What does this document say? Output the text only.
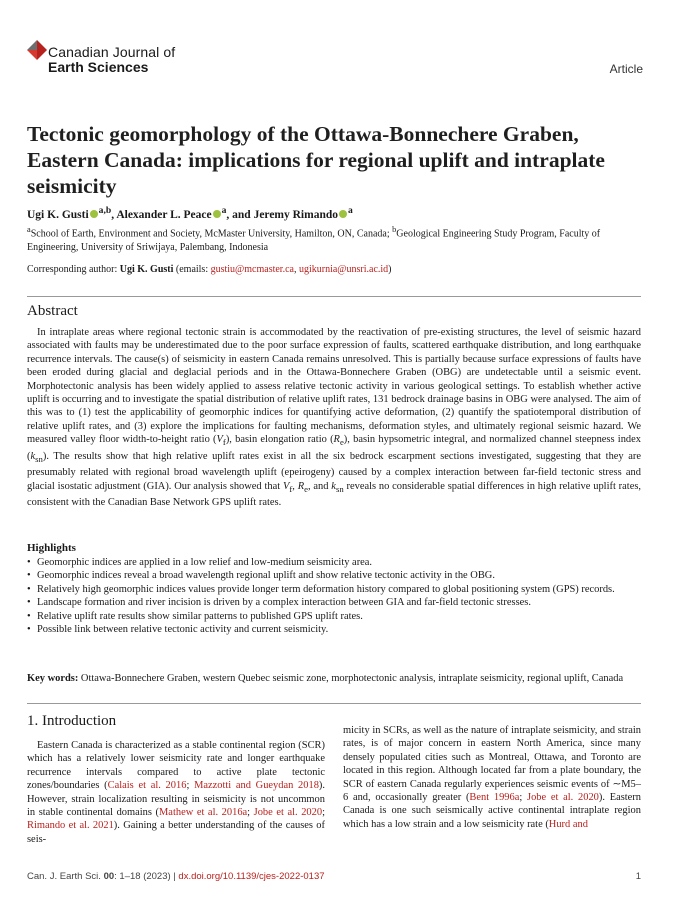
Canadian Journal of
Earth Sciences	Article
Tectonic geomorphology of the Ottawa-Bonnechere Graben, Eastern Canada: implications for regional uplift and intraplate seismicity
Ugi K. Gusti $^{a,b}$, Alexander L. Peace $^a$, and Jeremy Rimando $^a$
$^a$School of Earth, Environment and Society, McMaster University, Hamilton, ON, Canada; $^b$Geological Engineering Study Program, Faculty of Engineering, University of Sriwijaya, Palembang, Indonesia
Corresponding author: Ugi K. Gusti (emails: gustiu@mcmaster.ca, ugikurnia@unsri.ac.id)
Abstract

In intraplate areas where regional tectonic strain is accommodated by the reactivation of pre-existing structures, the level of seismic hazard associated with faults may be underestimated due to the poor surface expression of faults, scattered earthquake distribution, and long earthquake recurrence intervals. The cause(s) of seismicity in eastern Canada remains unresolved. This is partially because surface expressions of faults have been eroded during glacial and deglacial periods and in the Ottawa-Bonnechere Graben (OBG) are undetectable until a seismic event. Morphotectonic analysis has been widely applied to assess relative tectonic activity in various geological settings. To establish whether active uplift is occurring and to investigate the spatial distribution of relative uplift rates, 131 bedrock drainage basins in OBG were analysed. The aim of this was to (1) test the applicability of geomorphic indices for quantifying active deformation, (2) quantify the spatiotemporal distribution of relative uplift rates, and (3) explore the implications for faulting mechanisms, deformation styles, and ultimately regional seismic hazard. We measured valley floor width-to-height ratio $(V_f)$, basin elongation ratio $(R_e)$, basin hypsometric integral, and normalized channel steepness index $(k_{sn})$. The results show that high relative uplift rates exist in all the six bedrock escarpment sections investigated, suggesting that they are presumably related with regional broad wavelength uplift (epeirogeny) caused by a complex interaction between far-field tectonic stress and glacial isostatic adjustment (GIA). Our analysis showed that $V_f$, $R_e$, and $k_{sn}$ reveals no considerable spatial differences in high relative uplift rates, consistent with the Canadian Base Network GPS uplift rates.

Highlights
• Geomorphic indices are applied in a low relief and low-medium seismicity area.
• Geomorphic indices reveal a broad wavelength regional uplift and show relative tectonic activity in the OBG.
• Relatively high geomorphic indices values provide longer term deformation history compared to global positioning system (GPS) records.
• Landscape formation and river incision is driven by a complex interaction between GIA and far-field tectonic stresses.
• Relative uplift rate results show similar patterns to published GPS uplift rates.
• Possible link between relative tectonic activity and current seismicity.
Key words: Ottawa-Bonnechere Graben, western Quebec seismic zone, morphotectonic analysis, intraplate seismicity, regional uplift, Canada
1. Introduction

Eastern Canada is characterized as a stable continental region (SCR) which has a relatively lower seismicity rate and longer earthquake recurrence intervals compared to active plate tectonic zones/boundaries (Calais et al. 2016; Mazzotti and Gueydan 2018). However, strain localization resulting in seismicity is not uncommon in stable continental domains (Mathew et al. 2016a; Jobe et al. 2020; Rimando et al. 2021). Gaining a better understanding of the causes of seis-

micity in SCRs, as well as the nature of intraplate seismicity, and strain rates, is of major concern in eastern North America, since many densely populated cities such as Montreal, Ottawa, and Toronto are located in this region. Although located far from a plate boundary, the SCR of eastern Canada regularly experiences seismic events of ∼M5–6 and, occasionally greater (Bent 1996a; Jobe et al. 2020). Eastern Canada is one such seismically active continental intraplate region which has a low strain and a low seismicity rate (Hurd and

Can. J. Earth Sci. 00: 1–18 (2023) | dx.doi.org/10.1139/cjes-2022-0137	1
